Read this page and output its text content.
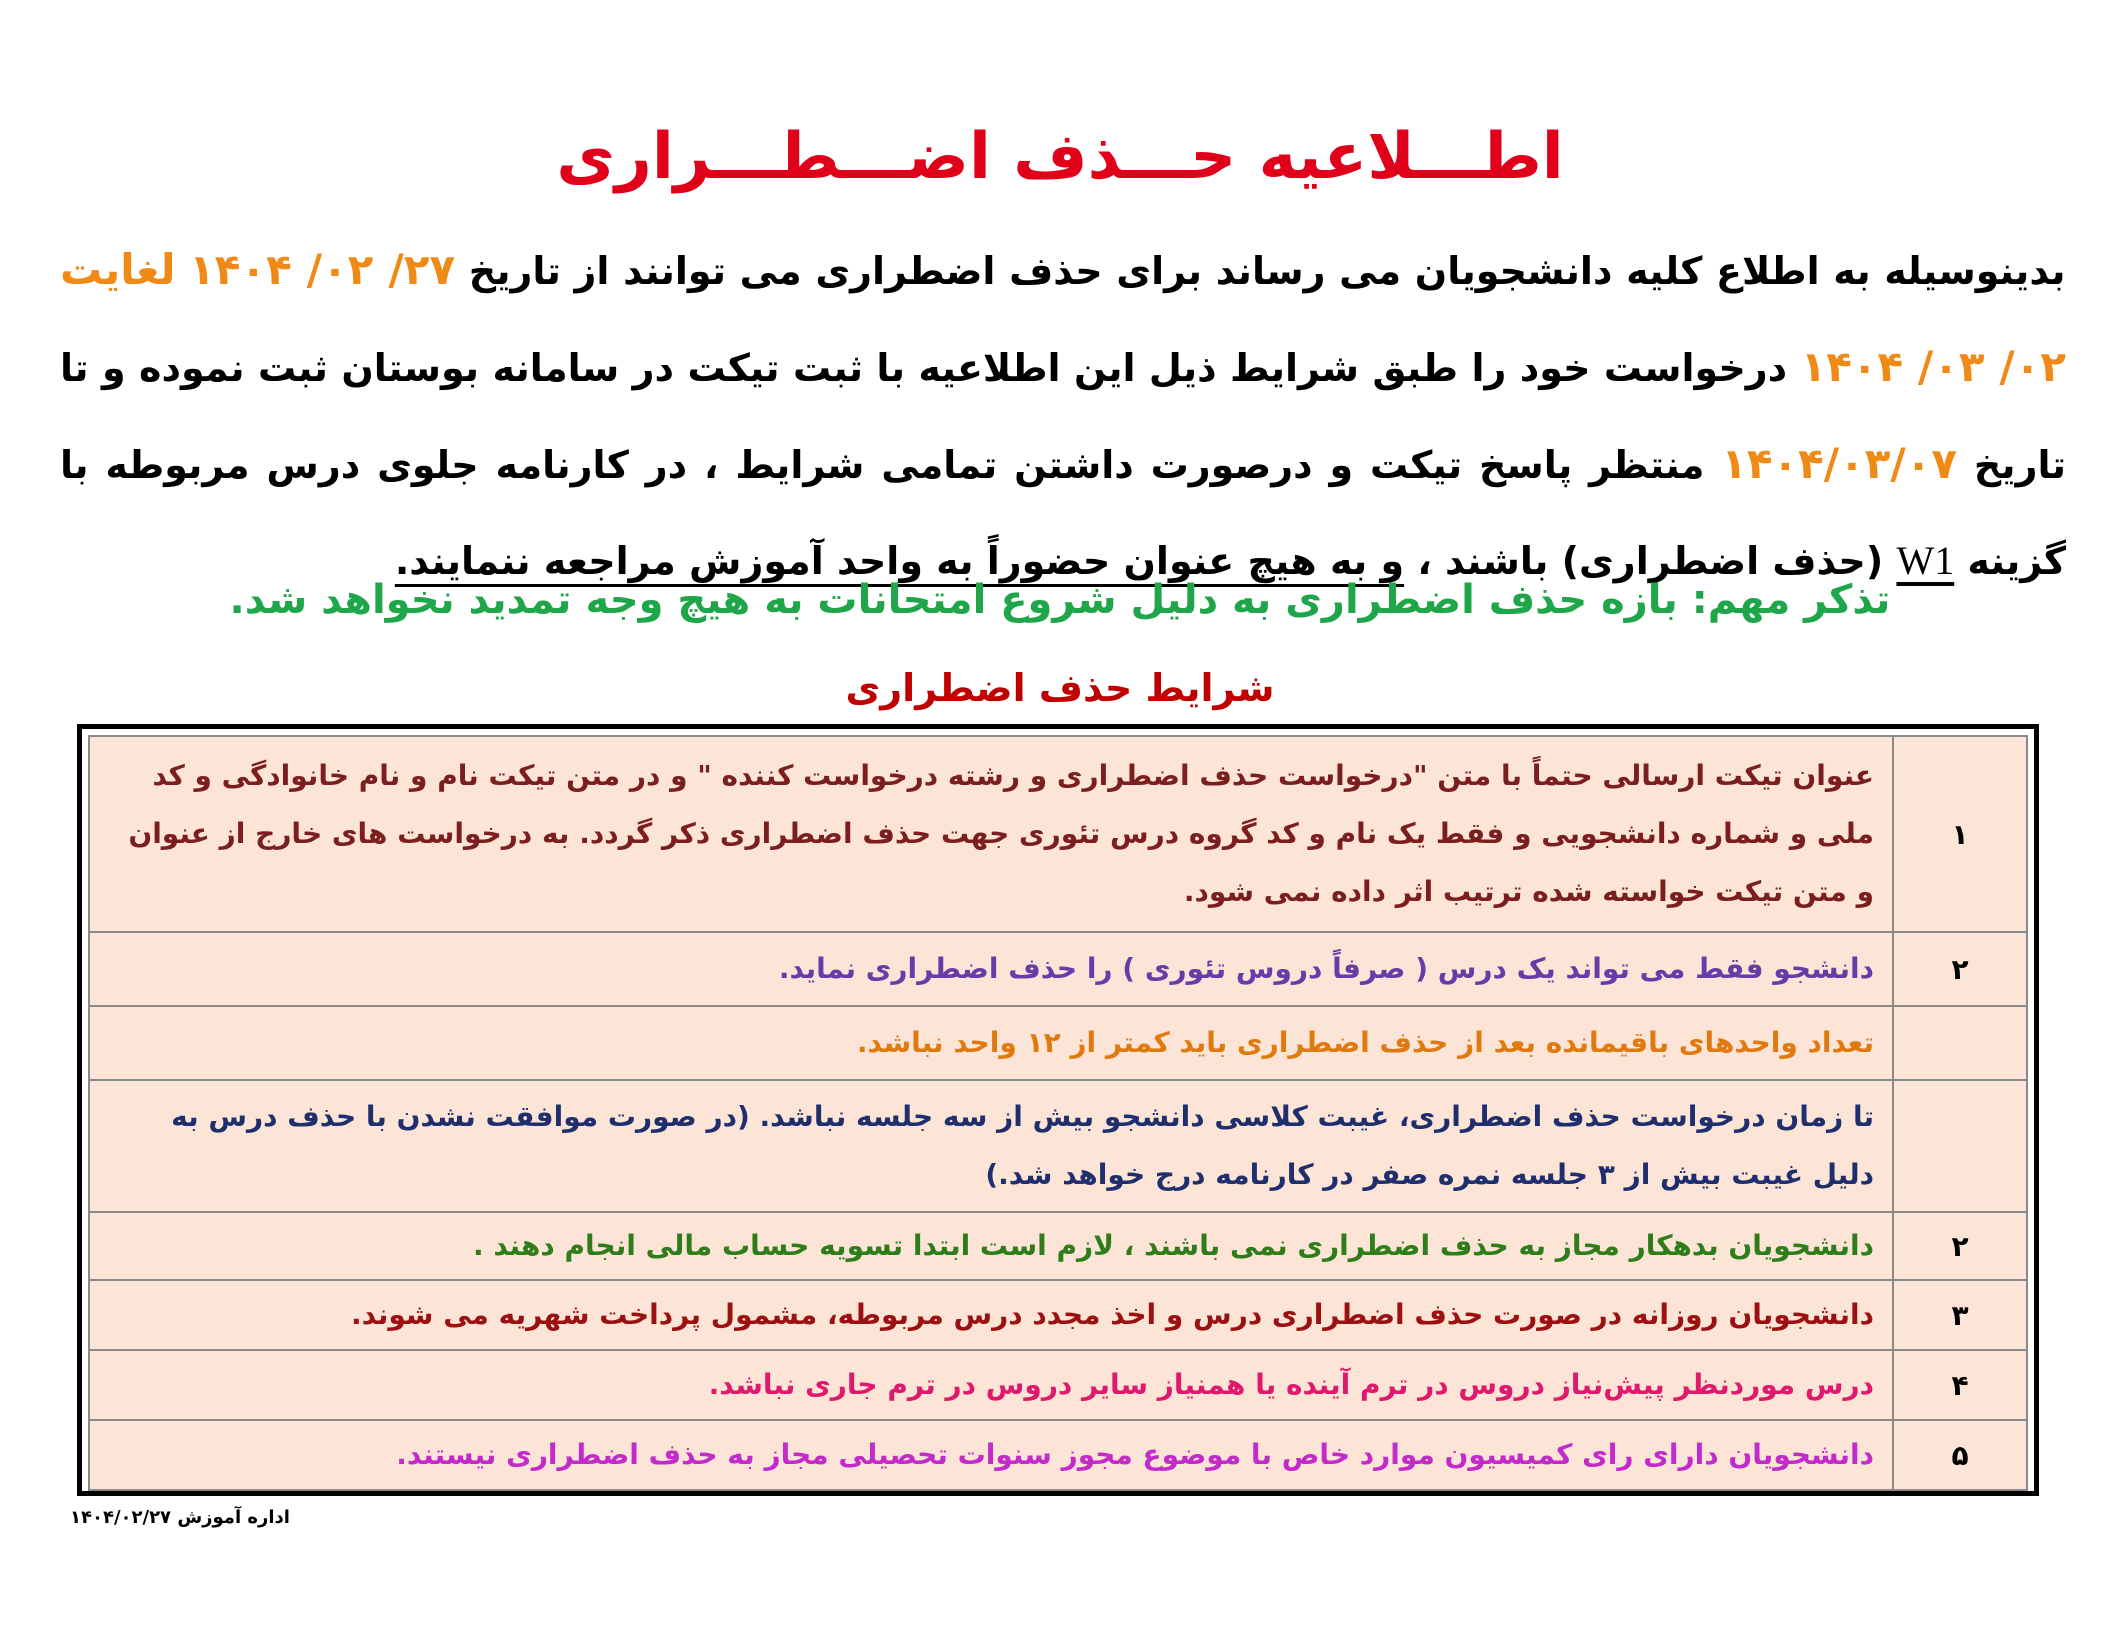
اطـــلاعیه حـــذف اضـــطـــراری
بدینوسیله به اطلاع کلیه دانشجویان می رساند برای حذف اضطراری می توانند از تاریخ ۲۷/ ۰۲/ ۱۴۰۴ لغایت ۰۲/ ۰۳/ ۱۴۰۴ درخواست خود را طبق شرایط ذیل این اطلاعیه با ثبت تیکت در سامانه بوستان ثبت نموده و تا تاریخ ۱۴۰۴/۰۳/۰۷ منتظر پاسخ تیکت و درصورت داشتن تمامی شرایط ، در کارنامه جلوی درس مربوطه با گزینه W1 (حذف اضطراری) باشند ، و به هیچ عنوان حضوراً به واحد آموزش مراجعه ننمایند.
تذکر مهم: بازه حذف اضطراری به دلیل شروع امتحانات به هیچ وجه تمدید نخواهد شد.
شرایط حذف اضطراری
۱	عنوان تیکت ارسالی حتماً با متن "درخواست حذف اضطراری و رشته درخواست کننده " و در متن تیکت نام و نام خانوادگی و کد ملی و شماره دانشجویی و فقط یک نام و کد گروه درس تئوری جهت حذف اضطراری ذکر گردد. به درخواست های خارج از عنوان و متن تیکت خواسته شده ترتیب اثر داده نمی شود.
۲	دانشجو فقط می تواند یک درس ( صرفاً دروس تئوری ) را حذف اضطراری نماید.
	تعداد واحدهای باقیمانده بعد از حذف اضطراری باید کمتر از ۱۲ واحد نباشد.
	تا زمان درخواست حذف اضطراری، غیبت کلاسی دانشجو بیش از سه جلسه نباشد. (در صورت موافقت نشدن با حذف درس به دلیل غیبت بیش از ۳ جلسه نمره صفر در کارنامه درج خواهد شد.)
۲	دانشجویان بدهکار مجاز به حذف اضطراری نمی باشند ، لازم است ابتدا تسویه حساب مالی انجام دهند .
۳	دانشجویان روزانه در صورت حذف اضطراری درس و اخذ مجدد درس مربوطه، مشمول پرداخت شهریه می شوند.
۴	درس موردنظر پیش‌نیاز دروس در ترم آینده یا همنیاز سایر دروس در ترم جاری نباشد.
۵	دانشجویان دارای رای کمیسیون موارد خاص با موضوع مجوز سنوات تحصیلی مجاز به حذف اضطراری نیستند.
اداره آموزش ۱۴۰۴/۰۲/۲۷
